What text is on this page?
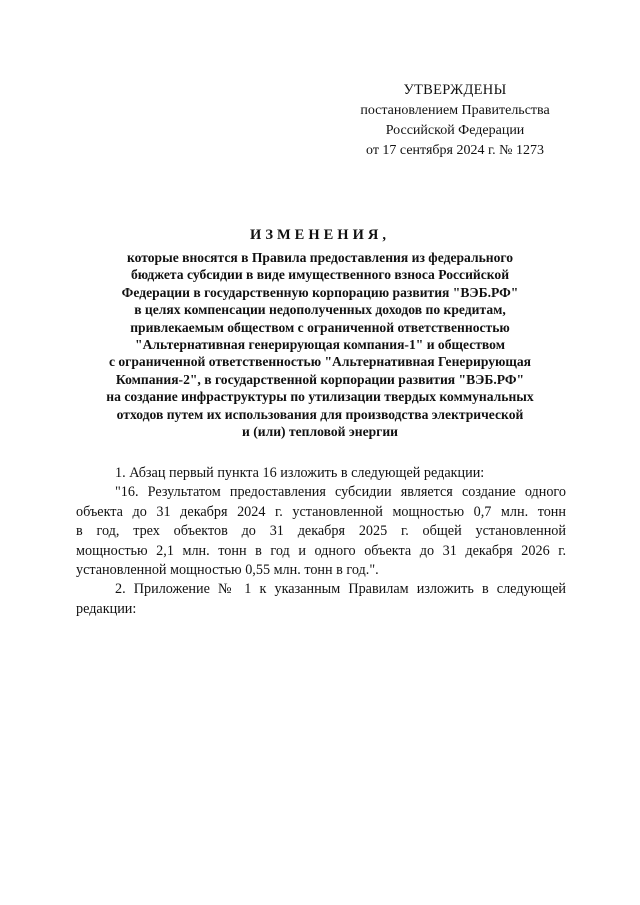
УТВЕРЖДЕНЫ
постановлением Правительства
Российской Федерации
от 17 сентября 2024 г. № 1273
ИЗМЕНЕНИЯ,
которые вносятся в Правила предоставления из федерального
бюджета субсидии в виде имущественного взноса Российской
Федерации в государственную корпорацию развития "ВЭБ.РФ"
в целях компенсации недополученных доходов по кредитам,
привлекаемым обществом с ограниченной ответственностью
"Альтернативная генерирующая компания-1" и обществом
с ограниченной ответственностью "Альтернативная Генерирующая
Компания-2", в государственной корпорации развития "ВЭБ.РФ"
на создание инфраструктуры по утилизации твердых коммунальных
отходов путем их использования для производства электрической
и (или) тепловой энергии
1. Абзац первый пункта 16 изложить в следующей редакции:
"16. Результатом предоставления субсидии является создание одного
объекта до 31 декабря 2024 г. установленной мощностью 0,7 млн. тонн
в год, трех объектов до 31 декабря 2025 г. общей установленной
мощностью 2,1 млн. тонн в год и одного объекта до 31 декабря 2026 г.
установленной мощностью 0,55 млн. тонн в год.".
2. Приложение № 1 к указанным Правилам изложить в следующей
редакции:
